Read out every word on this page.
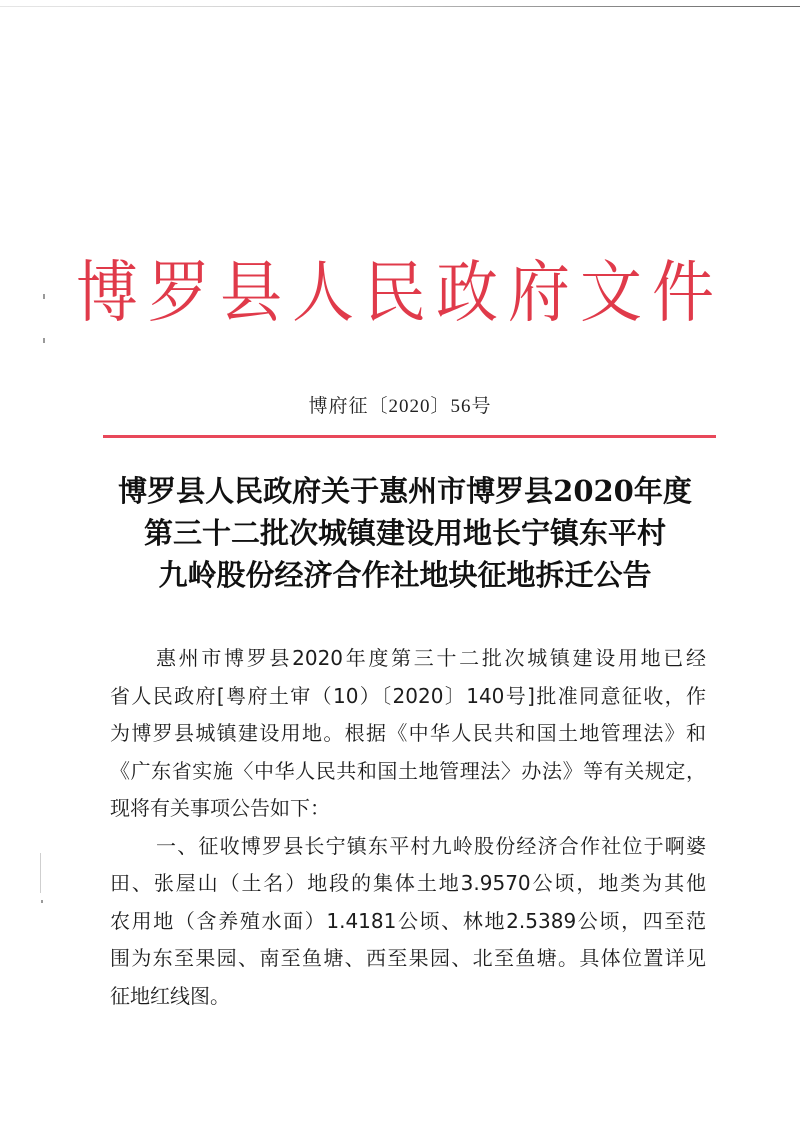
博罗县人民政府文件
博府征〔2020〕56号
博罗县人民政府关于惠州市博罗县2020年度
第三十二批次城镇建设用地长宁镇东平村
九岭股份经济合作社地块征地拆迁公告
惠州市博罗县2020年度第三十二批次城镇建设用地已经
省人民政府[粤府土审（10）〔2020〕140号]批准同意征收，作
为博罗县城镇建设用地。根据《中华人民共和国土地管理法》和
《广东省实施〈中华人民共和国土地管理法〉办法》等有关规定，
现将有关事项公告如下：
一、征收博罗县长宁镇东平村九岭股份经济合作社位于啊婆
田、张屋山（土名）地段的集体土地3.9570公顷，地类为其他
农用地（含养殖水面）1.4181公顷、林地2.5389公顷，四至范
围为东至果园、南至鱼塘、西至果园、北至鱼塘。具体位置详见
征地红线图。
